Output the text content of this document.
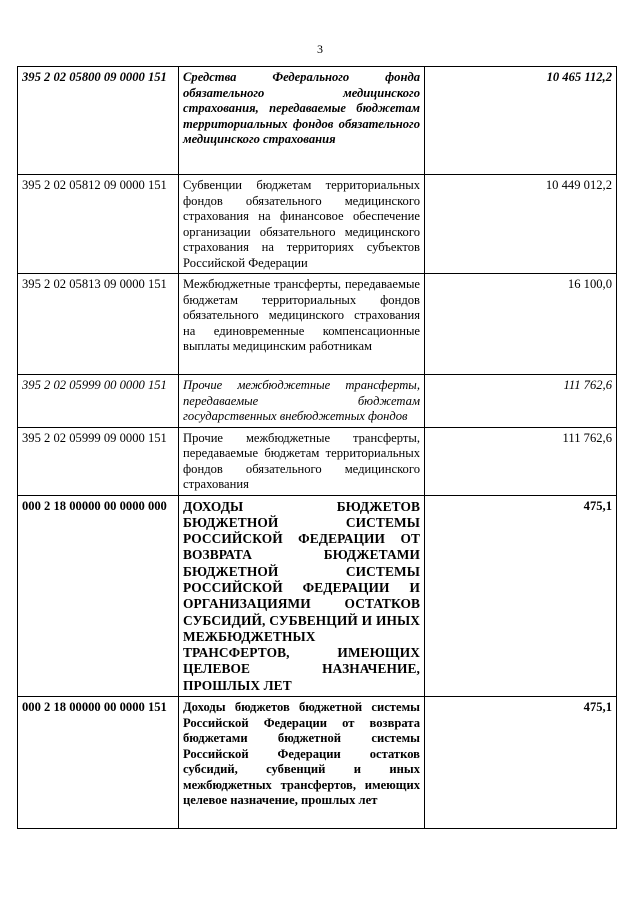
3
395 2 02 05800 09 0000 151	Средства Федерального фонда обязательного медицинского страхования, передаваемые бюджетам территориальных фондов обязательного медицинского страхования	10 465 112,2
395 2 02 05812 09 0000 151	Субвенции бюджетам территориальных фондов обязательного медицинского страхования на финансовое обеспечение организации обязательного медицинского страхования на территориях субъектов Российской Федерации	10 449 012,2
395 2 02 05813 09 0000 151	Межбюджетные трансферты, передаваемые бюджетам территориальных фондов обязательного медицинского страхования на единовременные компенсационные выплаты медицинским работникам	16 100,0
395 2 02 05999 00 0000 151	Прочие межбюджетные трансферты, передаваемые бюджетам государственных внебюджетных фондов	111 762,6
395 2 02 05999 09 0000 151	Прочие межбюджетные трансферты, передаваемые бюджетам территориальных фондов обязательного медицинского страхования	111 762,6
000 2 18 00000 00 0000 000	ДОХОДЫ БЮДЖЕТОВ БЮДЖЕТНОЙ СИСТЕМЫ РОССИЙСКОЙ ФЕДЕРАЦИИ ОТ ВОЗВРАТА БЮДЖЕТАМИ БЮДЖЕТНОЙ СИСТЕМЫ РОССИЙСКОЙ ФЕДЕРАЦИИ И ОРГАНИЗАЦИЯМИ ОСТАТКОВ СУБСИДИЙ, СУБВЕНЦИЙ И ИНЫХ МЕЖБЮДЖЕТНЫХ ТРАНСФЕРТОВ, ИМЕЮЩИХ ЦЕЛЕВОЕ НАЗНАЧЕНИЕ, ПРОШЛЫХ ЛЕТ	475,1
000 2 18 00000 00 0000 151	Доходы бюджетов бюджетной системы Российской Федерации от возврата бюджетами бюджетной системы Российской Федерации остатков субсидий, субвенций и иных межбюджетных трансфертов, имеющих целевое назначение, прошлых лет	475,1
